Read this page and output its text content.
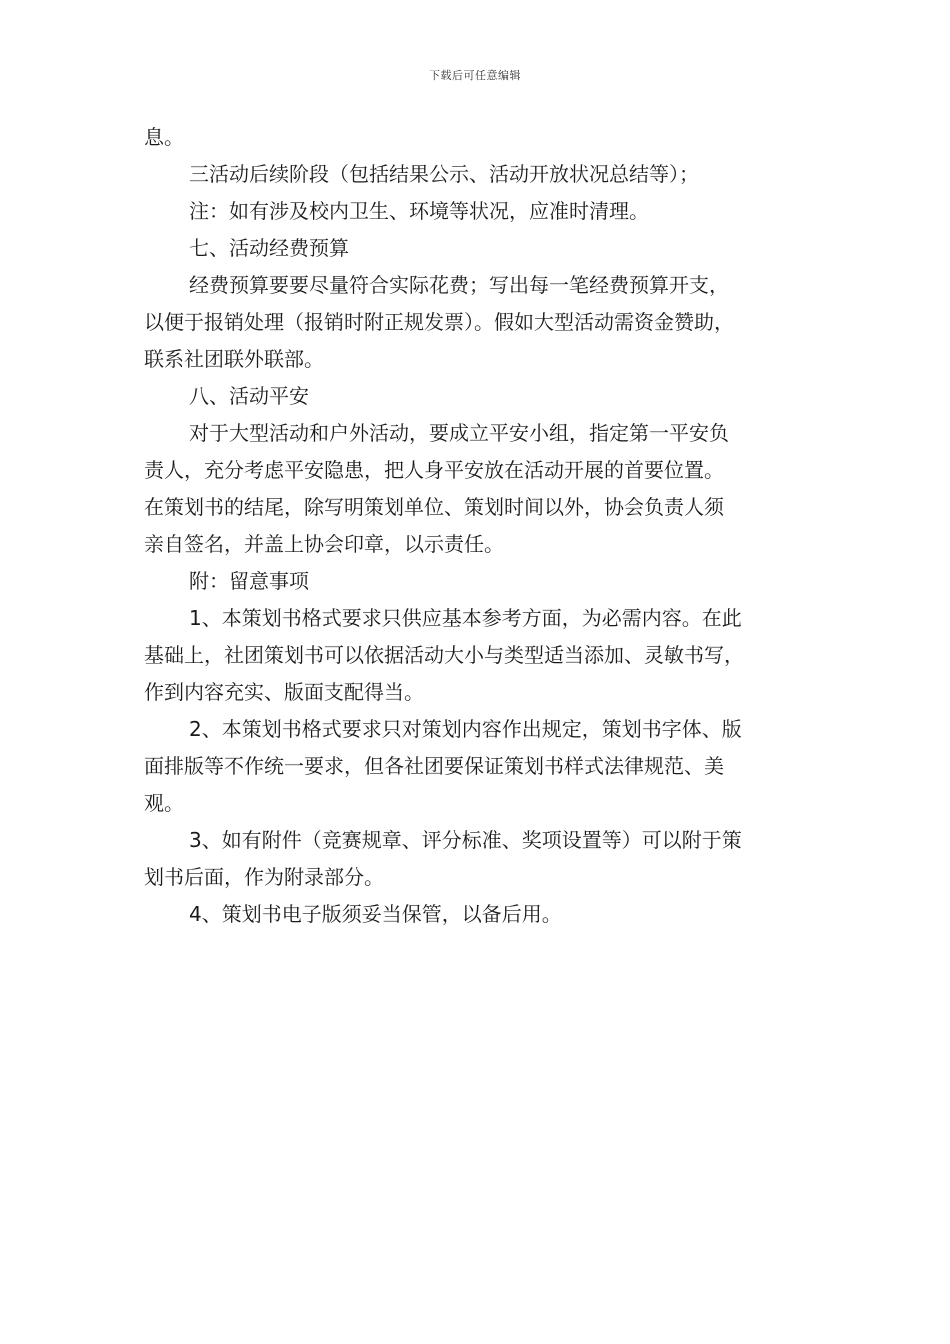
下载后可任意编辑
息。
三活动后续阶段（包括结果公示、活动开放状况总结等）；
注：如有涉及校内卫生、环境等状况，应准时清理。
七、活动经费预算
经费预算要要尽量符合实际花费；写出每一笔经费预算开支，
以便于报销处理（报销时附正规发票）。假如大型活动需资金赞助，
联系社团联外联部。
八、活动平安
对于大型活动和户外活动，要成立平安小组，指定第一平安负
责人，充分考虑平安隐患，把人身平安放在活动开展的首要位置。
在策划书的结尾，除写明策划单位、策划时间以外，协会负责人须
亲自签名，并盖上协会印章，以示责任。
附：留意事项
1、本策划书格式要求只供应基本参考方面，为必需内容。在此
基础上，社团策划书可以依据活动大小与类型适当添加、灵敏书写，
作到内容充实、版面支配得当。
2、本策划书格式要求只对策划内容作出规定，策划书字体、版
面排版等不作统一要求，但各社团要保证策划书样式法律规范、美
观。
3、如有附件（竞赛规章、评分标准、奖项设置等）可以附于策
划书后面，作为附录部分。
4、策划书电子版须妥当保管，以备后用。
